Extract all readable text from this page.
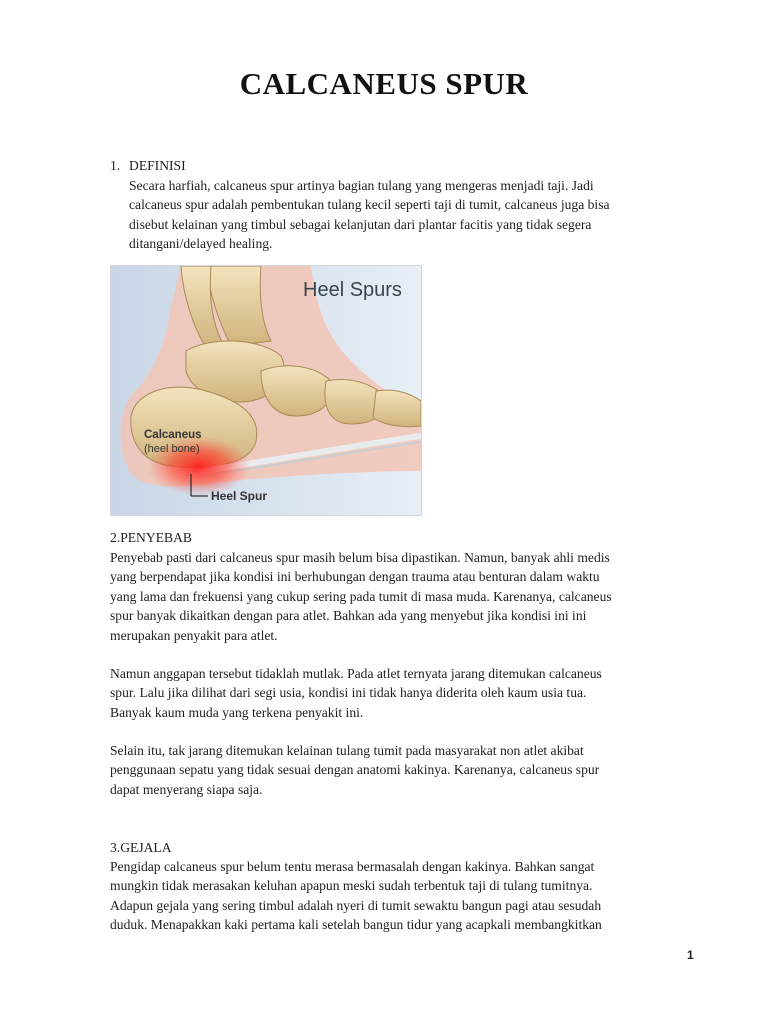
CALCANEUS SPUR
1. DEFINISI
Secara harfiah, calcaneus spur artinya bagian tulang yang mengeras menjadi taji. Jadi
calcaneus spur adalah pembentukan tulang kecil seperti taji di tumit, calcaneus juga bisa
disebut kelainan yang timbul sebagai kelanjutan dari plantar facitis yang tidak segera
ditangani/delayed healing.
Heel Spurs
Calcaneus
(heel bone)
Heel Spur
2.PENYEBAB
Penyebab pasti dari calcaneus spur masih belum bisa dipastikan. Namun, banyak ahli medis
yang berpendapat jika kondisi ini berhubungan dengan trauma atau benturan dalam waktu
yang lama dan frekuensi yang cukup sering pada tumit di masa muda. Karenanya, calcaneus
spur banyak dikaitkan dengan para atlet. Bahkan ada yang menyebut jika kondisi ini ini
merupakan penyakit para atlet.
Namun anggapan tersebut tidaklah mutlak. Pada atlet ternyata jarang ditemukan calcaneus
spur. Lalu jika dilihat dari segi usia, kondisi ini tidak hanya diderita oleh kaum usia tua.
Banyak kaum muda yang terkena penyakit ini.
Selain itu, tak jarang ditemukan kelainan tulang tumit pada masyarakat non atlet akibat
penggunaan sepatu yang tidak sesuai dengan anatomi kakinya. Karenanya, calcaneus spur
dapat menyerang siapa saja.
3.GEJALA
Pengidap calcaneus spur belum tentu merasa bermasalah dengan kakinya. Bahkan sangat
mungkin tidak merasakan keluhan apapun meski sudah terbentuk taji di tulang tumitnya.
Adapun gejala yang sering timbul adalah nyeri di tumit sewaktu bangun pagi atau sesudah
duduk. Menapakkan kaki pertama kali setelah bangun tidur yang acapkali membangkitkan
1
